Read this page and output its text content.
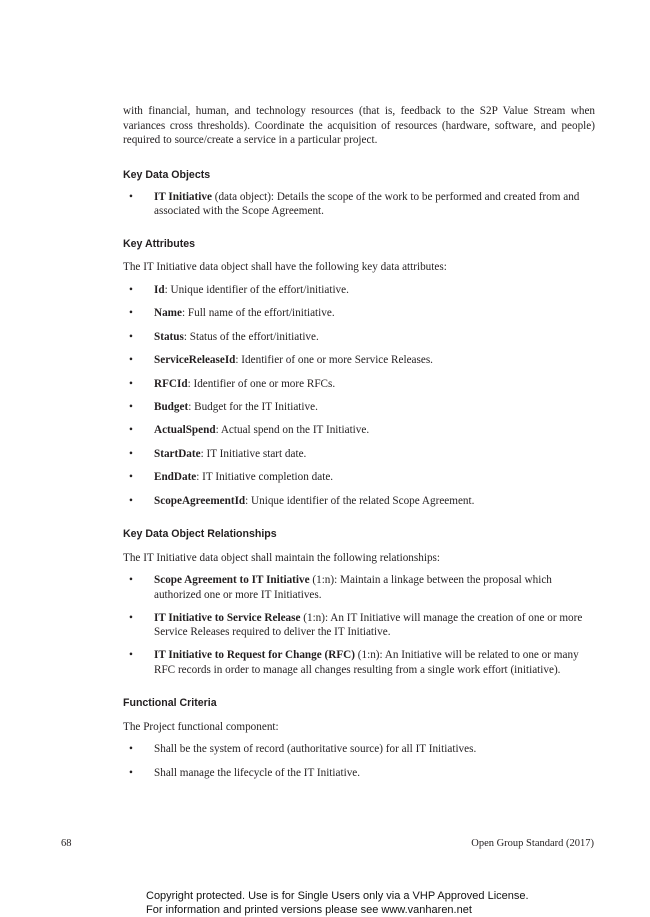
with financial, human, and technology resources (that is, feedback to the S2P Value Stream when variances cross thresholds). Coordinate the acquisition of resources (hardware, software, and people) required to source/create a service in a particular project.

Key Data Objects
• IT Initiative (data object): Details the scope of the work to be performed and created from and associated with the Scope Agreement.
Key Attributes

The IT Initiative data object shall have the following key data attributes:

• Id: Unique identifier of the effort/initiative.
• Name: Full name of the effort/initiative.
• Status: Status of the effort/initiative.
• ServiceReleaseId: Identifier of one or more Service Releases.
• RFCId: Identifier of one or more RFCs.
• Budget: Budget for the IT Initiative.
• ActualSpend: Actual spend on the IT Initiative.
• StartDate: IT Initiative start date.
• EndDate: IT Initiative completion date.
• ScopeAgreementId: Unique identifier of the related Scope Agreement.
Key Data Object Relationships

The IT Initiative data object shall maintain the following relationships:

• Scope Agreement to IT Initiative (1:n): Maintain a linkage between the proposal which authorized one or more IT Initiatives.
• IT Initiative to Service Release (1:n): An IT Initiative will manage the creation of one or more Service Releases required to deliver the IT Initiative.
• IT Initiative to Request for Change (RFC) (1:n): An Initiative will be related to one or many RFC records in order to manage all changes resulting from a single work effort (initiative).
Functional Criteria

The Project functional component:

• Shall be the system of record (authoritative source) for all IT Initiatives.
• Shall manage the lifecycle of the IT Initiative.
68	Open Group Standard (2017)
Copyright protected. Use is for Single Users only via a VHP Approved License.
For information and printed versions please see www.vanharen.net
